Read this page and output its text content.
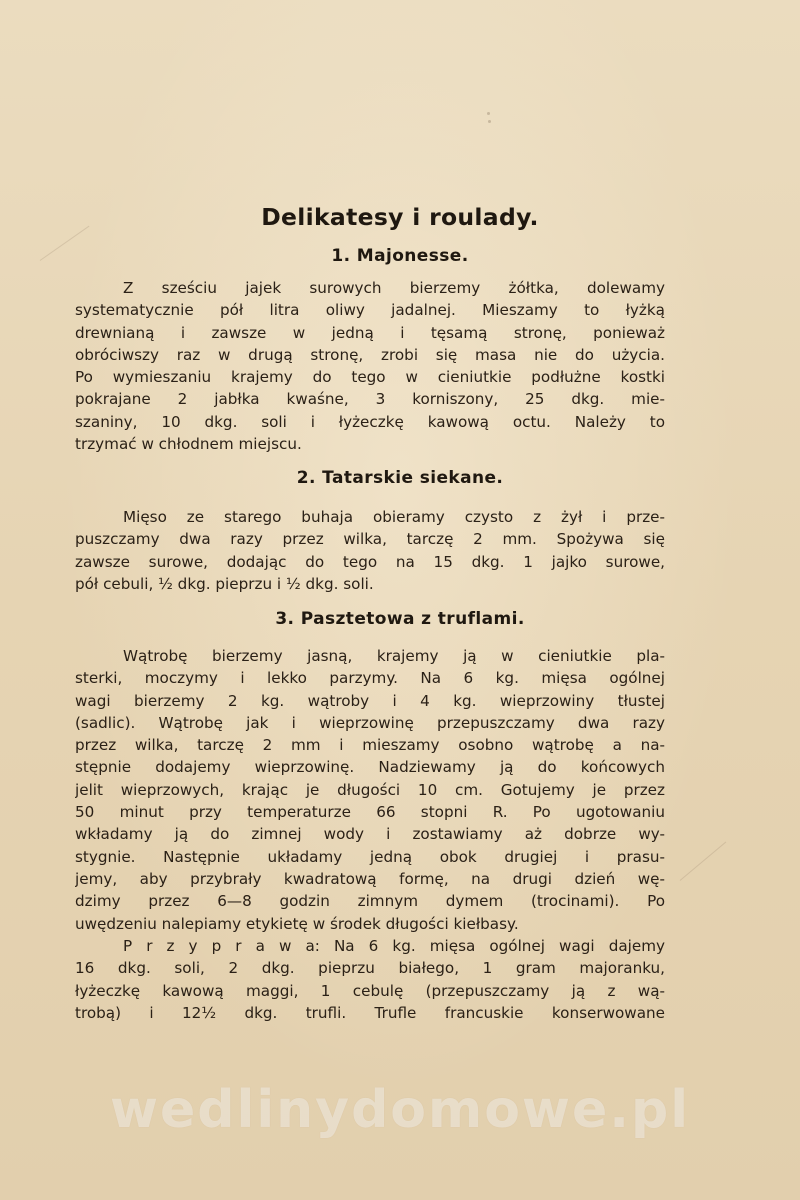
Delikatesy i roulady.
1. Majonesse.
Z sześciu jajek surowych bierzemy żółtka, dolewamy
systematycznie pół litra oliwy jadalnej. Mieszamy to łyżką
drewnianą i zawsze w jedną i tęsamą stronę, ponieważ
obróciwszy raz w drugą stronę, zrobi się masa nie do użycia.
Po wymieszaniu krajemy do tego w cieniutkie podłużne kostki
pokrajane 2 jabłka kwaśne, 3 korniszony, 25 dkg. mie-
szaniny, 10 dkg. soli i łyżeczkę kawową octu. Należy to
trzymać w chłodnem miejscu.
2. Tatarskie siekane.
Mięso ze starego buhaja obieramy czysto z żył i prze-
puszczamy dwa razy przez wilka, tarczę 2 mm. Spożywa się
zawsze surowe, dodając do tego na 15 dkg. 1 jajko surowe,
pół cebuli, ½ dkg. pieprzu i ½ dkg. soli.
3. Pasztetowa z truflami.
Wątrobę bierzemy jasną, krajemy ją w cieniutkie pla-
sterki, moczymy i lekko parzymy. Na 6 kg. mięsa ogólnej
wagi bierzemy 2 kg. wątroby i 4 kg. wieprzowiny tłustej
(sadlic). Wątrobę jak i wieprzowinę przepuszczamy dwa razy
przez wilka, tarczę 2 mm i mieszamy osobno wątrobę a na-
stępnie dodajemy wieprzowinę. Nadziewamy ją do końcowych
jelit wieprzowych, krając je długości 10 cm. Gotujemy je przez
50 minut przy temperaturze 66 stopni R. Po ugotowaniu
wkładamy ją do zimnej wody i zostawiamy aż dobrze wy-
stygnie. Następnie układamy jedną obok drugiej i prasu-
jemy, aby przybrały kwadratową formę, na drugi dzień wę-
dzimy przez 6—8 godzin zimnym dymem (trocinami). Po
uwędzeniu nalepiamy etykietę w środek długości kiełbasy.
P r z y p r a w a: Na 6 kg. mięsa ogólnej wagi dajemy
16 dkg. soli, 2 dkg. pieprzu białego, 1 gram majoranku,
łyżeczkę kawową maggi, 1 cebulę (przepuszczamy ją z wą-
trobą) i 12½ dkg. trufli. Trufle francuskie konserwowane
wedlinydomowe.pl
